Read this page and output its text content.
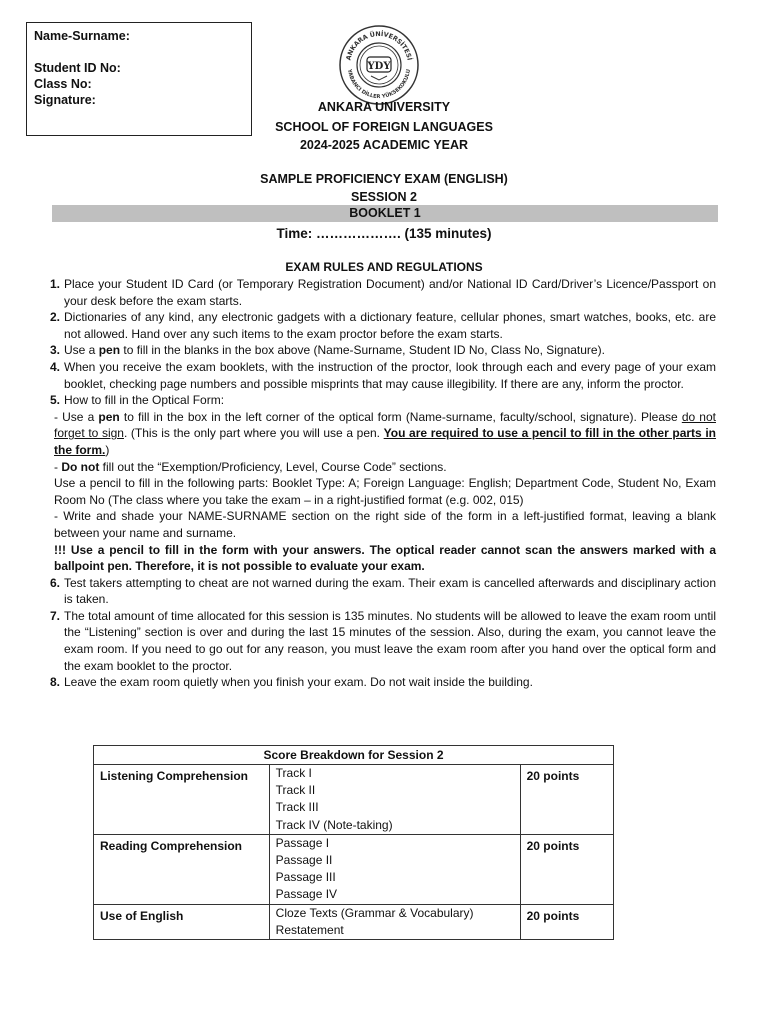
Name-Surname:
Student ID No:
Class No:
Signature:
ANKARA ÜNİVERSİTESİ
YABANCI DİLLER YÜKSEKOKULU
YDY
ANKARA UNIVERSITY
SCHOOL OF FOREIGN LANGUAGES
2024-2025 ACADEMIC YEAR
SAMPLE PROFICIENCY EXAM (ENGLISH)
SESSION 2
BOOKLET 1
Time: ………………. (135 minutes)
EXAM RULES AND REGULATIONS
1. Place your Student ID Card (or Temporary Registration Document) and/or National ID Card/Driver’s Licence/Passport on your desk before the exam starts.
2. Dictionaries of any kind, any electronic gadgets with a dictionary feature, cellular phones, smart watches, books, etc. are not allowed. Hand over any such items to the exam proctor before the exam starts.
3. Use a pen to fill in the blanks in the box above (Name-Surname, Student ID No, Class No, Signature).
4. When you receive the exam booklets, with the instruction of the proctor, look through each and every page of your exam booklet, checking page numbers and possible misprints that may cause illegibility. If there are any, inform the proctor.
5. How to fill in the Optical Form:
- Use a pen to fill in the box in the left corner of the optical form (Name-surname, faculty/school, signature). Please do not forget to sign. (This is the only part where you will use a pen. You are required to use a pencil to fill in the other parts in the form.)
- Do not fill out the “Exemption/Proficiency, Level, Course Code” sections.
Use a pencil to fill in the following parts: Booklet Type: A; Foreign Language: English; Department Code, Student No, Exam Room No (The class where you take the exam – in a right-justified format (e.g. 002, 015)
- Write and shade your NAME-SURNAME section on the right side of the form in a left-justified format, leaving a blank between your name and surname.
!!! Use a pencil to fill in the form with your answers. The optical reader cannot scan the answers marked with a ballpoint pen. Therefore, it is not possible to evaluate your exam.
6. Test takers attempting to cheat are not warned during the exam. Their exam is cancelled afterwards and disciplinary action is taken.
7. The total amount of time allocated for this session is 135 minutes. No students will be allowed to leave the exam room until the “Listening” section is over and during the last 15 minutes of the session. Also, during the exam, you cannot leave the exam room. If you need to go out for any reason, you must leave the exam room after you hand over the optical form and the exam booklet to the proctor.
8. Leave the exam room quietly when you finish your exam. Do not wait inside the building.
Score Breakdown for Session 2		
Listening Comprehension	Track I
Track II
Track III
Track IV (Note-taking)	20 points
Reading Comprehension	Passage I
Passage II
Passage III
Passage IV	20 points
Use of English	Cloze Texts (Grammar & Vocabulary)
Restatement	20 points
